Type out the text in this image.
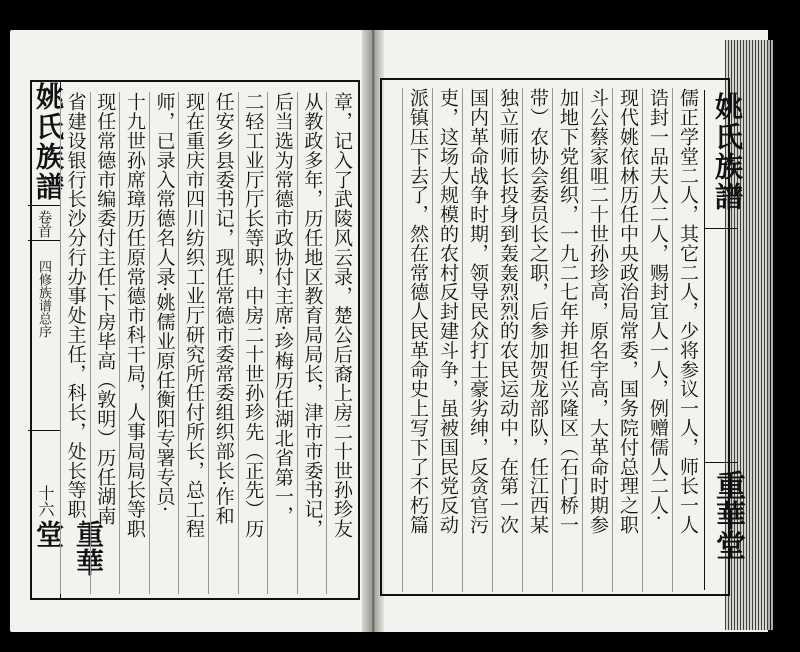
姚氏族譜
重華堂
儒正学堂二人，其它二人，少将参议一人，师长一人
诰封一品夫人二人，赐封宜人一人，例赠儒人二人·
现代姚依林历任中央政治局常委，国务院付总理之职
斗公蔡家咀二十世孙珍高，原名宇高，大革命时期参
加地下党组织，一九二七年并担任兴隆区（石门桥一
带）农协会委员长之职，后参加贺龙部队，任江西某
独立师师长投身到轰轰烈烈的农民运动中，在第一次
国内革命战争时期，领导民众打土豪劣绅，反贪官污
吏，这场大规模的农村反封建斗争，虽被国民党反动
派镇压下去了，然在常德人民革命史上写下了不朽篇
姚氏族譜
卷首
四修族谱总序
十六
重華堂	章，记入了武陵风云录，楚公后裔上房二十世孙珍友
从教政多年，历任地区教育局局长，津市市委书记，
后当选为常德市政协付主席·珍梅历任湖北省第一，
二轻工业厅厅长等职，中房二十世孙珍先（正先）历
任安乡县委书记，现任常德市委常委组织部长·作和
现在重庆市四川纺织工业厅研究所任付所长，总工程
师，已录入常德名人录·姚儒业原任衡阳专署专员·
十九世孙席璋历任原常德市科干局，人事局局长等职
现任常德市编委付主任·下房毕高（敦明）历任湖南
省建设银行长沙分行办事处主任，科长，处长等职，
